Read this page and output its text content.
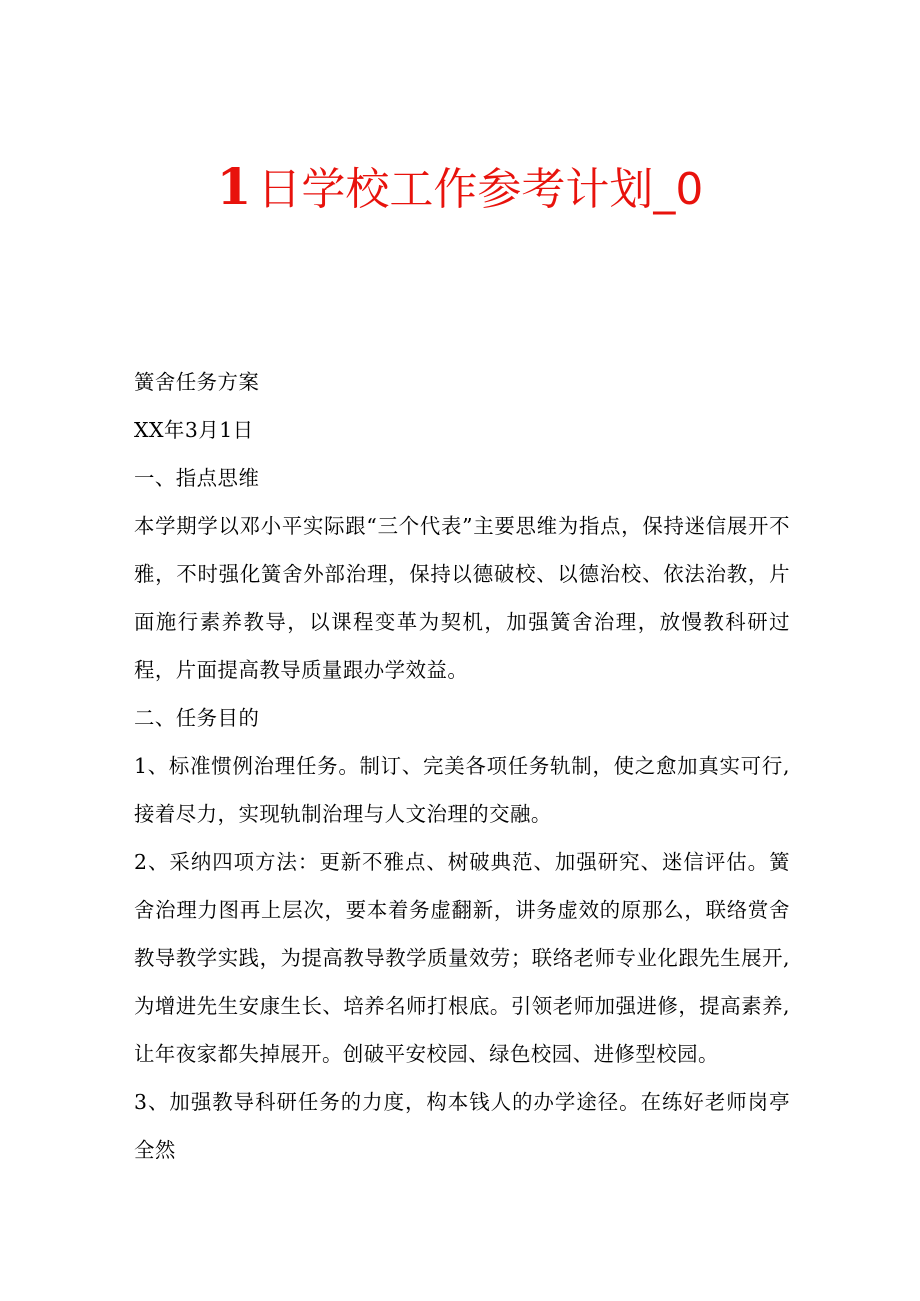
1 日学校工作参考计划_0

簧舍任务方案

XX年3月1日

一、指点思维

本学期学以邓小平实际跟“三个代表”主要思维为指点，保持迷信展开不雅，不时强化簧舍外部治理，保持以德破校、以德治校、依法治教，片面施行素养教导，以课程变革为契机，加强簧舍治理，放慢教科研过程，片面提高教导质量跟办学效益。

二、任务目的

1、标准惯例治理任务。制订、完美各项任务轨制，使之愈加真实可行,接着尽力，实现轨制治理与人文治理的交融。

2、采纳四项方法：更新不雅点、树破典范、加强研究、迷信评估。簧舍治理力图再上层次，要本着务虚翻新，讲务虚效的原那么，联络赏舍教导教学实践，为提高教导教学质量效劳；联络老师专业化跟先生展开,为增进先生安康生长、培养名师打根底。引领老师加强进修，提高素养,让年夜家都失掉展开。创破平安校园、绿色校园、进修型校园。

3、加强教导科研任务的力度，构本钱人的办学途径。在练好老师岗亭全然
